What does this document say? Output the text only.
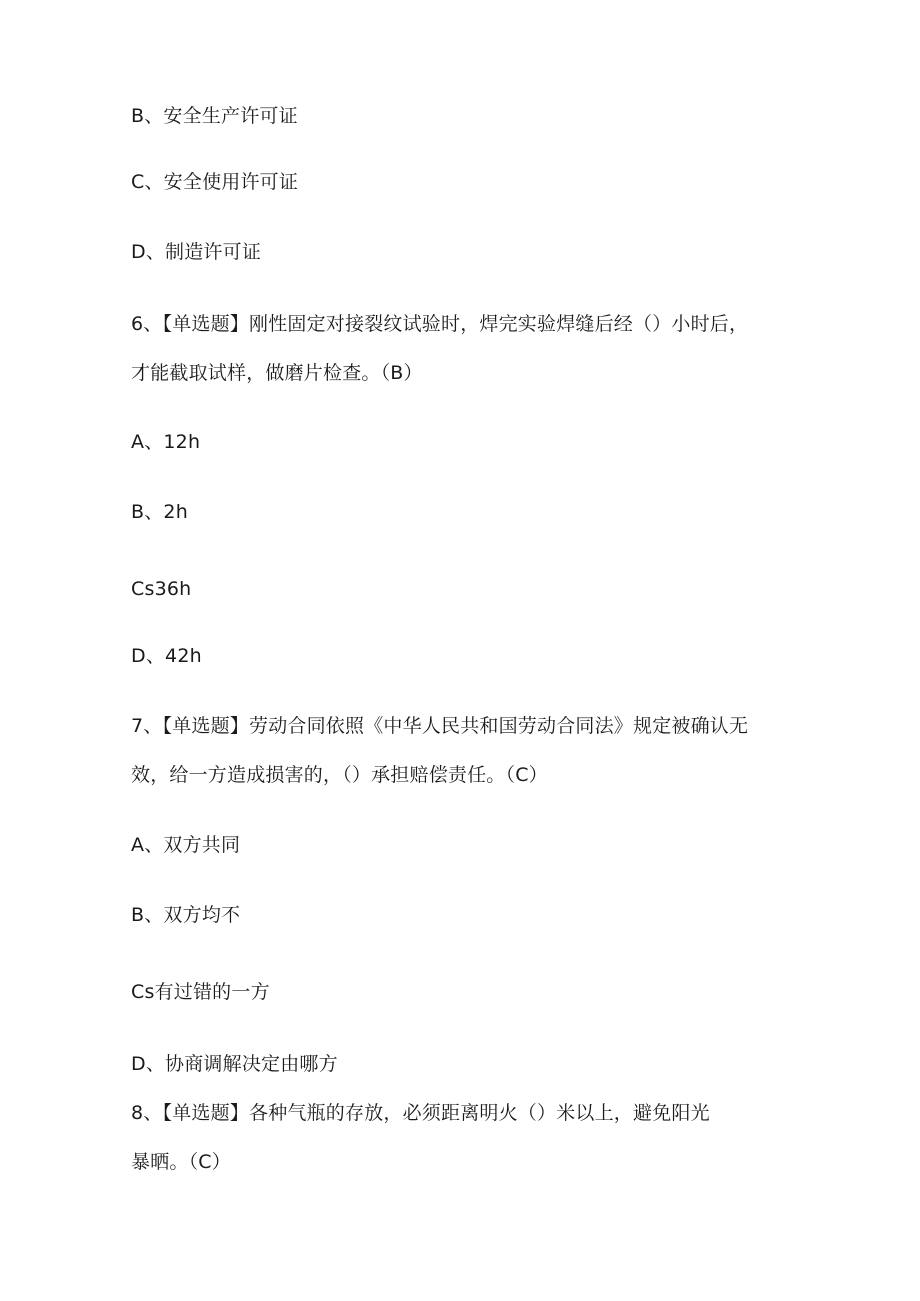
B、安全生产许可证
C、安全使用许可证
D、制造许可证
6、【单选题】刚性固定对接裂纹试验时，焊完实验焊缝后经（）小时后，
才能截取试样，做磨片检查。（B）
A、12h
B、2h
Cs36h
D、42h
7、【单选题】劳动合同依照《中华人民共和国劳动合同法》规定被确认无
效，给一方造成损害的，（）承担赔偿责任。（C）
A、双方共同
B、双方均不
Cs有过错的一方
D、协商调解决定由哪方
8、【单选题】各种气瓶的存放，必须距离明火（）米以上，避免阳光
暴晒。（C）
